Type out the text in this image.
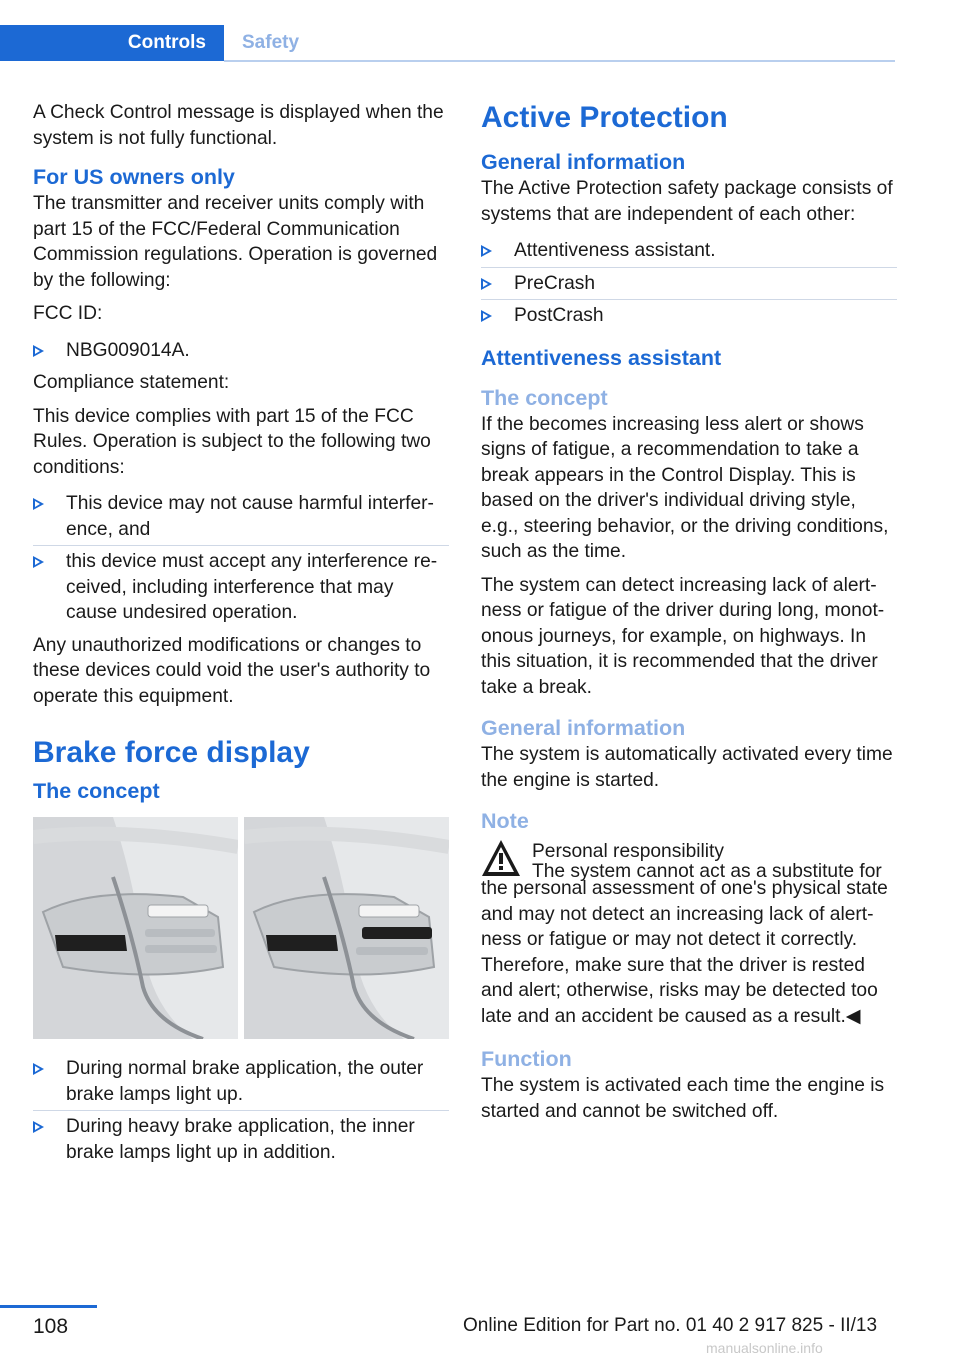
Controls	Safety

A Check Control message is displayed when the system is not fully functional.

For US owners only

The transmitter and receiver units comply with part 15 of the FCC/Federal Communication Commission regulations. Operation is governed by the following:

FCC ID:

NBG009014A.

Compliance statement:

This device complies with part 15 of the FCC Rules. Operation is subject to the following two conditions:

This device may not cause harmful interference, and
this device must accept any interference received, including interference that may cause undesired operation.

Any unauthorized modifications or changes to these devices could void the user's authority to operate this equipment.

Brake force display
The concept
During normal brake application, the outer brake lamps light up.
During heavy brake application, the inner brake lamps light up in addition.
Active Protection
General information

The Active Protection safety package consists of systems that are independent of each other:

Attentiveness assistant.
PreCrash
PostCrash
Attentiveness assistant
The concept

If the becomes increasing less alert or shows signs of fatigue, a recommendation to take a break appears in the Control Display. This is based on the driver's individual driving style, e.g., steering behavior, or the driving conditions, such as the time.

The system can detect increasing lack of alertness or fatigue of the driver during long, monotonous journeys, for example, on highways. In this situation, it is recommended that the driver take a break.

General information

The system is automatically activated every time the engine is started.

Note

Personal responsibility

The system cannot act as a substitute for

the personal assessment of one's physical state and may not detect an increasing lack of alertness or fatigue or may not detect it correctly. Therefore, make sure that the driver is rested and alert; otherwise, risks may be detected too late and an accident be caused as a result.◀

Function

The system is activated each time the engine is started and cannot be switched off.

108	Online Edition for Part no. 01 40 2 917 825 - II/13
manualsonline.info
